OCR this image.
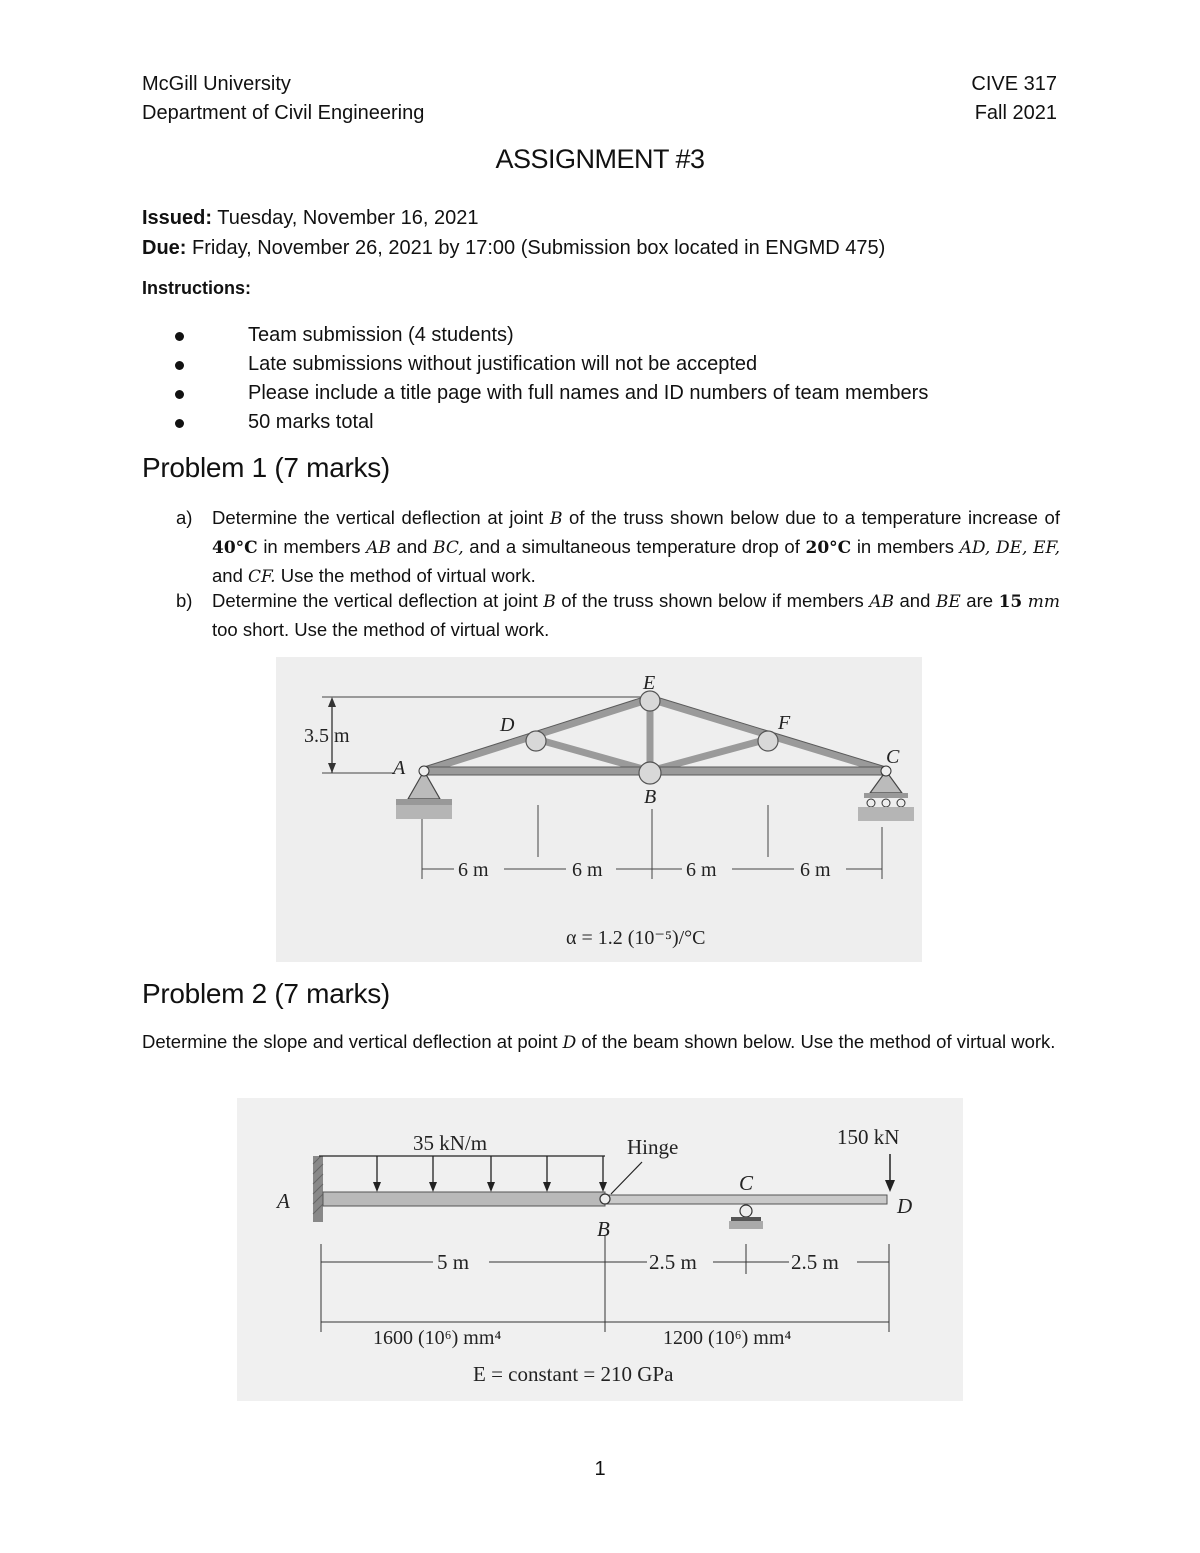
McGill University
Department of Civil Engineering
CIVE 317
Fall 2021
ASSIGNMENT #3
Issued: Tuesday, November 16, 2021
Due: Friday, November 26, 2021 by 17:00 (Submission box located in ENGMD 475)
Instructions:
Team submission (4 students)
Late submissions without justification will not be accepted
Please include a title page with full names and ID numbers of team members
50 marks total
Problem 1 (7 marks)
a) Determine the vertical deflection at joint B of the truss shown below due to a temperature increase of 40°C in members AB and BC, and a simultaneous temperature drop of 20°C in members AD, DE, EF, and CF. Use the method of virtual work.
b) Determine the vertical deflection at joint B of the truss shown below if members AB and BE are 15 mm too short. Use the method of virtual work.
3.5 m
A
E
D	F
B
C
6 m	6 m	6 m	6 m
α = 1.2 (10⁻⁵)/°C
Problem 2 (7 marks)
Determine the slope and vertical deflection at point D of the beam shown below. Use the method of virtual work.
A
35 kN/m	Hinge
B
C
150 kN
D
5 m	2.5 m	2.5 m
1600 (10⁶) mm⁴	1200 (10⁶) mm⁴
E = constant = 210 GPa
1
